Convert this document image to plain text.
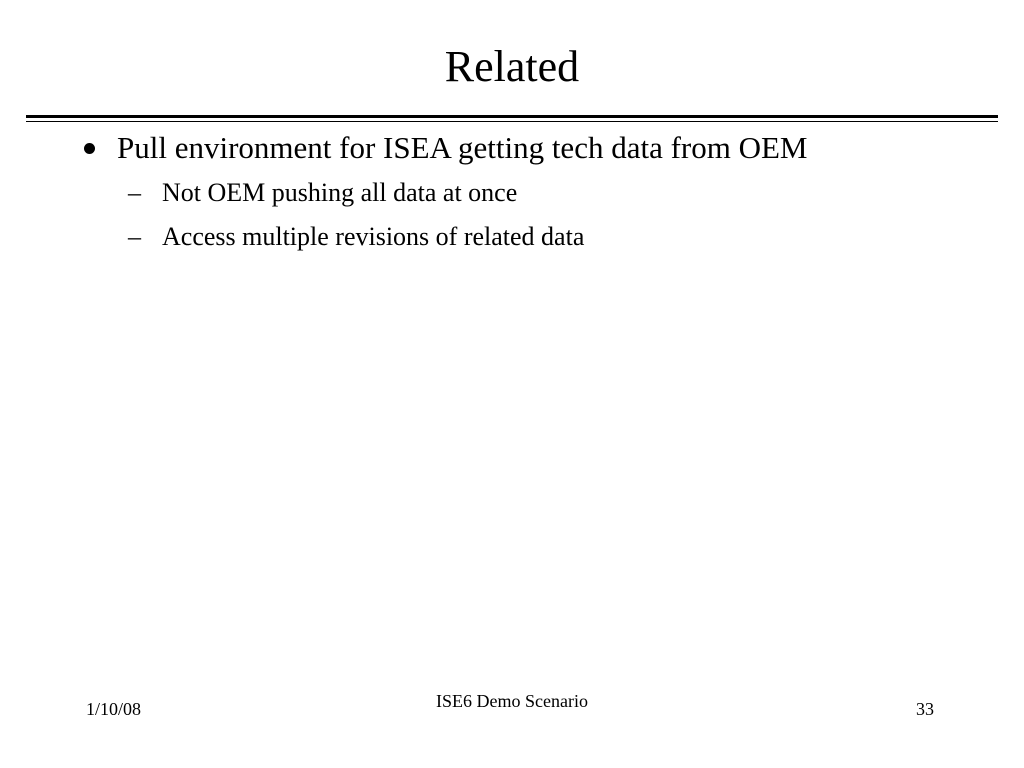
Related
Pull environment for ISEA getting tech data from OEM
– Not OEM pushing all data at once
– Access multiple revisions of related data
1/10/08	ISE6 Demo Scenario	33
